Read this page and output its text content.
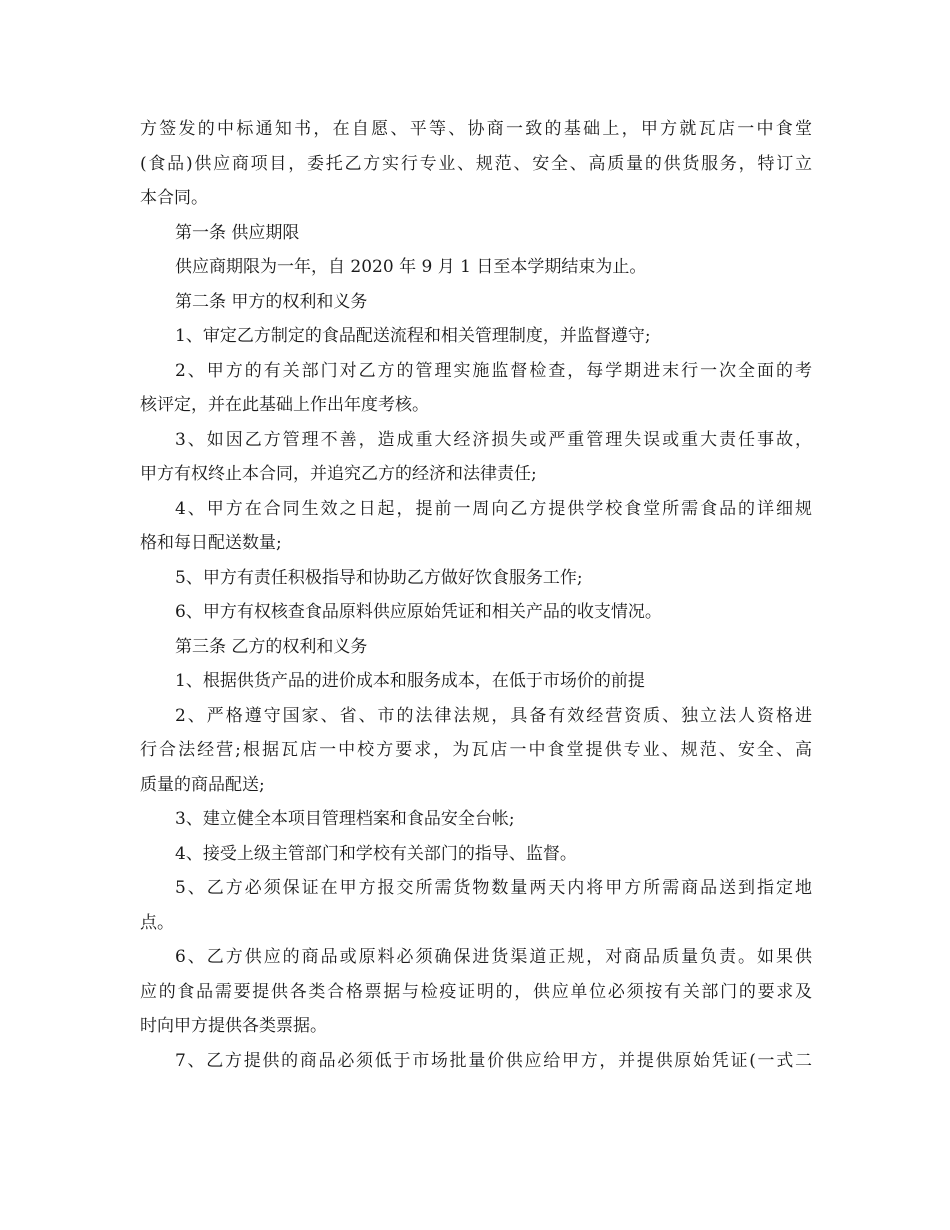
方签发的中标通知书，在自愿、平等、协商一致的基础上，甲方就瓦店一中食堂
(食品)供应商项目，委托乙方实行专业、规范、安全、高质量的供货服务，特订立
本合同。
第一条 供应期限
供应商期限为一年，自 2020 年 9 月 1 日至本学期结束为止。
第二条 甲方的权利和义务
1、审定乙方制定的食品配送流程和相关管理制度，并监督遵守;
2、甲方的有关部门对乙方的管理实施监督检查，每学期进末行一次全面的考
核评定，并在此基础上作出年度考核。
3、如因乙方管理不善，造成重大经济损失或严重管理失误或重大责任事故，
甲方有权终止本合同，并追究乙方的经济和法律责任;
4、甲方在合同生效之日起，提前一周向乙方提供学校食堂所需食品的详细规
格和每日配送数量;
5、甲方有责任积极指导和协助乙方做好饮食服务工作;
6、甲方有权核查食品原料供应原始凭证和相关产品的收支情况。
第三条 乙方的权利和义务
1、根据供货产品的进价成本和服务成本，在低于市场价的前提
2、严格遵守国家、省、市的法律法规，具备有效经营资质、独立法人资格进
行合法经营;根据瓦店一中校方要求，为瓦店一中食堂提供专业、规范、安全、高
质量的商品配送;
3、建立健全本项目管理档案和食品安全台帐;
4、接受上级主管部门和学校有关部门的指导、监督。
5、乙方必须保证在甲方报交所需货物数量两天内将甲方所需商品送到指定地
点。
6、乙方供应的商品或原料必须确保进货渠道正规，对商品质量负责。如果供
应的食品需要提供各类合格票据与检疫证明的，供应单位必须按有关部门的要求及
时向甲方提供各类票据。
7、乙方提供的商品必须低于市场批量价供应给甲方，并提供原始凭证(一式二
